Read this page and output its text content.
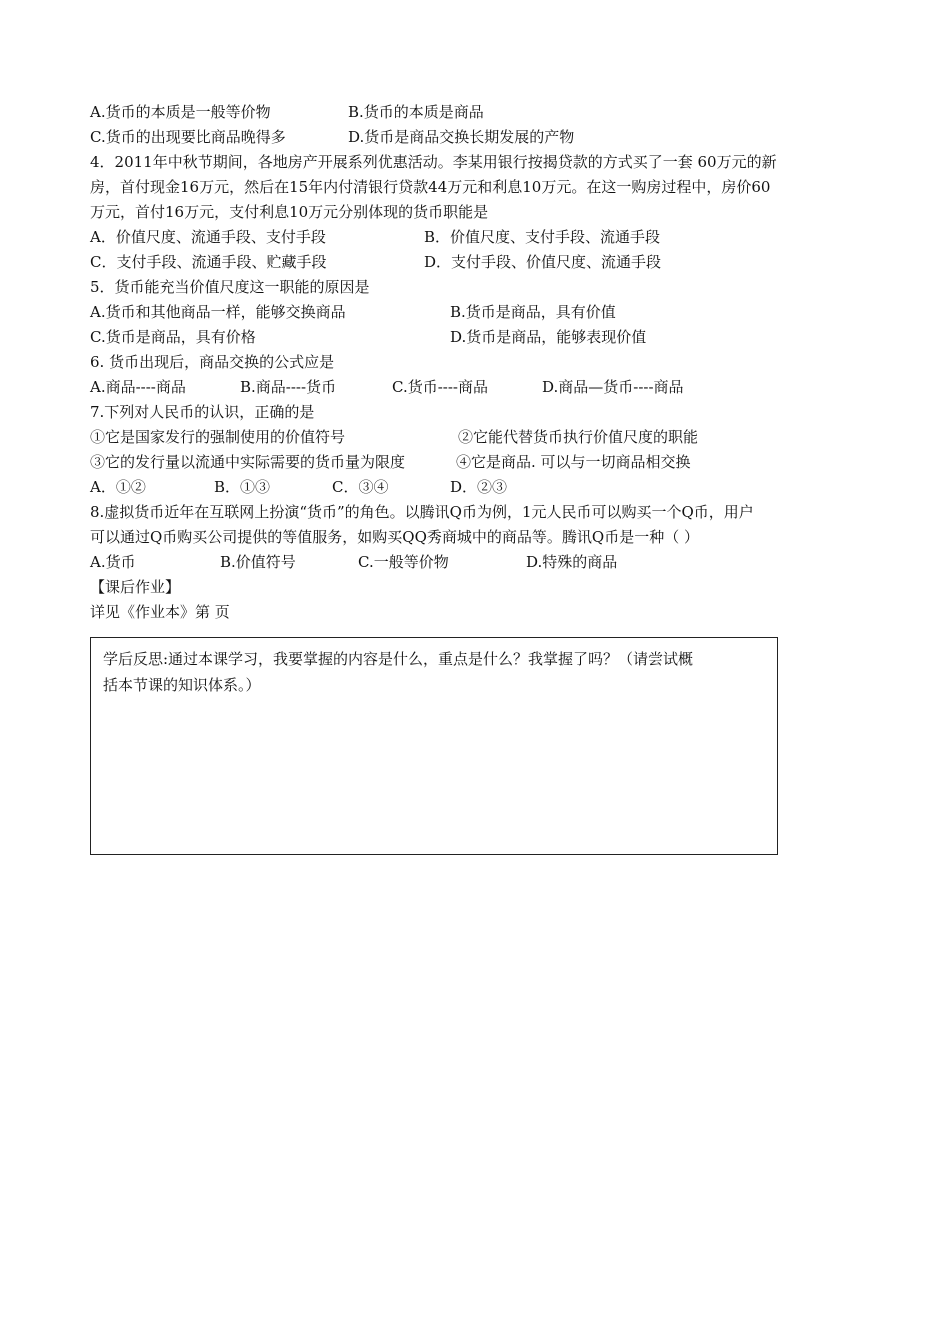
A.货币的本质是一般等价物	B.货币的本质是商品
C.货币的出现要比商品晚得多	D.货币是商品交换长期发展的产物
4．2011年中秋节期间，各地房产开展系列优惠活动。李某用银行按揭贷款的方式买了一套 60万元的新
房，首付现金16万元，然后在15年内付清银行贷款44万元和利息10万元。在这一购房过程中，房价60
万元，首付16万元，支付利息10万元分别体现的货币职能是
A．价值尺度、流通手段、支付手段	B．价值尺度、支付手段、流通手段
C．支付手段、流通手段、贮藏手段	D．支付手段、价值尺度、流通手段
5．货币能充当价值尺度这一职能的原因是
A.货币和其他商品一样，能够交换商品	B.货币是商品，具有价值
C.货币是商品，具有价格	D.货币是商品，能够表现价值
6. 货币出现后，商品交换的公式应是
A.商品----商品	B.商品----货币	C.货币----商品	D.商品—货币----商品
7.下列对人民币的认识，正确的是
①它是国家发行的强制使用的价值符号	②它能代替货币执行价值尺度的职能
③它的发行量以流通中实际需要的货币量为限度	④它是商品. 可以与一切商品相交换
A．①②	B．①③	C．③④	D．②③
8.虚拟货币近年在互联网上扮演“货币”的角色。以腾讯Q币为例，1元人民币可以购买一个Q币，用户
可以通过Q币购买公司提供的等值服务，如购买QQ秀商城中的商品等。腾讯Q币是一种（ ）
A.货币	B.价值符号	C.一般等价物	D.特殊的商品
【课后作业】
详见《作业本》第 页
学后反思:通过本课学习，我要掌握的内容是什么，重点是什么？我掌握了吗？（请尝试概
括本节课的知识体系。）
